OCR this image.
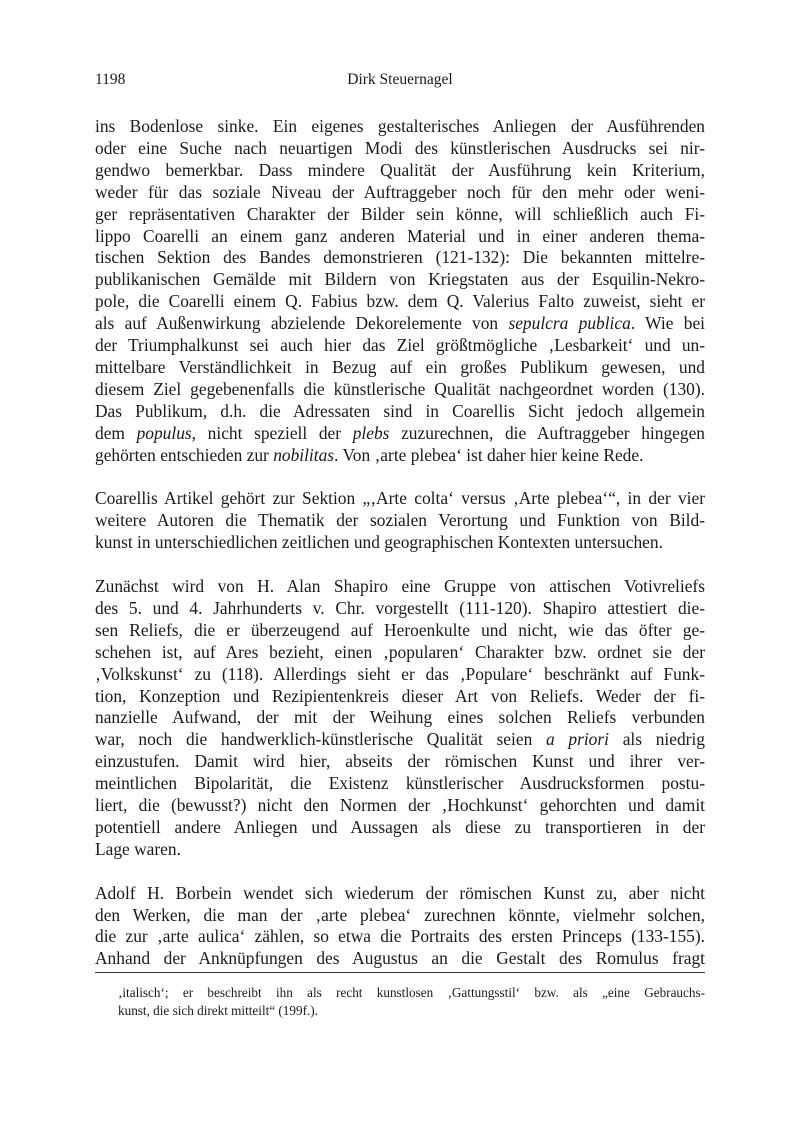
1198	Dirk Steuernagel

ins Bodenlose sinke. Ein eigenes gestalterisches Anliegen der Ausführenden
oder eine Suche nach neuartigen Modi des künstlerischen Ausdrucks sei nir-
gendwo bemerkbar. Dass mindere Qualität der Ausführung kein Kriterium,
weder für das soziale Niveau der Auftraggeber noch für den mehr oder weni-
ger repräsentativen Charakter der Bilder sein könne, will schließlich auch Fi-
lippo Coarelli an einem ganz anderen Material und in einer anderen thema-
tischen Sektion des Bandes demonstrieren (121-132): Die bekannten mittelre-
publikanischen Gemälde mit Bildern von Kriegstaten aus der Esquilin-Nekro-
pole, die Coarelli einem Q. Fabius bzw. dem Q. Valerius Falto zuweist, sieht er
als auf Außenwirkung abzielende Dekorelemente von sepulcra publica. Wie bei
der Triumphalkunst sei auch hier das Ziel größtmögliche ‚Lesbarkeit‘ und un-
mittelbare Verständlichkeit in Bezug auf ein großes Publikum gewesen, und
diesem Ziel gegebenenfalls die künstlerische Qualität nachgeordnet worden (130).
Das Publikum, d.h. die Adressaten sind in Coarellis Sicht jedoch allgemein
dem populus, nicht speziell der plebs zuzurechnen, die Auftraggeber hingegen
gehörten entschieden zur nobilitas. Von ‚arte plebea‘ ist daher hier keine Rede.

Coarellis Artikel gehört zur Sektion „‚Arte colta‘ versus ‚Arte plebea‘“, in der vier
weitere Autoren die Thematik der sozialen Verortung und Funktion von Bild-
kunst in unterschiedlichen zeitlichen und geographischen Kontexten untersuchen.

Zunächst wird von H. Alan Shapiro eine Gruppe von attischen Votivreliefs
des 5. und 4. Jahrhunderts v. Chr. vorgestellt (111-120). Shapiro attestiert die-
sen Reliefs, die er überzeugend auf Heroenkulte und nicht, wie das öfter ge-
schehen ist, auf Ares bezieht, einen ‚popularen‘ Charakter bzw. ordnet sie der
‚Volkskunst‘ zu (118). Allerdings sieht er das ‚Populare‘ beschränkt auf Funk-
tion, Konzeption und Rezipientenkreis dieser Art von Reliefs. Weder der fi-
nanzielle Aufwand, der mit der Weihung eines solchen Reliefs verbunden
war, noch die handwerklich-künstlerische Qualität seien a priori als niedrig
einzustufen. Damit wird hier, abseits der römischen Kunst und ihrer ver-
meintlichen Bipolarität, die Existenz künstlerischer Ausdrucksformen postu-
liert, die (bewusst?) nicht den Normen der ‚Hochkunst‘ gehorchten und damit
potentiell andere Anliegen und Aussagen als diese zu transportieren in der
Lage waren.

Adolf H. Borbein wendet sich wiederum der römischen Kunst zu, aber nicht
den Werken, die man der ‚arte plebea‘ zurechnen könnte, vielmehr solchen,
die zur ‚arte aulica‘ zählen, so etwa die Portraits des ersten Princeps (133-155).
Anhand der Anknüpfungen des Augustus an die Gestalt des Romulus fragt

‚italisch‘; er beschreibt ihn als recht kunstlosen ‚Gattungsstil‘ bzw. als „eine Gebrauchs-
kunst, die sich direkt mitteilt“ (199f.).
